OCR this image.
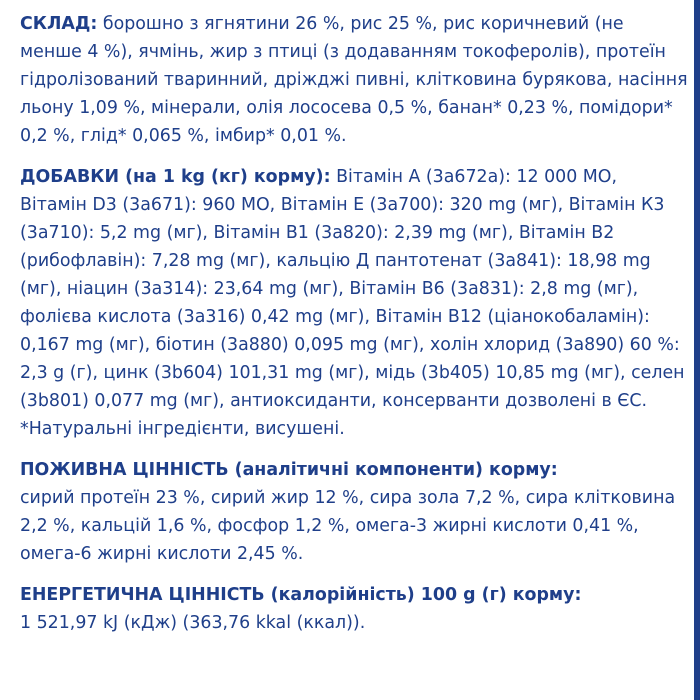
СКЛАД: борошно з ягнятини 26 %, рис 25 %, рис коричневий (не менше 4 %), ячмінь, жир з птиці (з додаванням токоферолів), протеїн гідролізований тваринний, дріжджі пивні, клітковина бурякова, насіння льону 1,09 %, мінерали, олія лососева 0,5 %, банан* 0,23 %, помідори* 0,2 %, глід* 0,065 %, імбир* 0,01 %.

ДОБАВКИ (на 1 kg (кг) корму): Вітамін А (3а672а): 12 000 МО, Вітамін D3 (3а671): 960 МО, Вітамін Е (3а700): 320 mg (мг), Вітамін К3 (3а710): 5,2 mg (мг), Вітамін В1 (3а820): 2,39 mg (мг), Вітамін В2 (рибофлавін): 7,28 mg (мг), кальцію Д пантотенат (3а841): 18,98 mg (мг), ніацин (3а314): 23,64 mg (мг), Вітамін В6 (3а831): 2,8 mg (мг), фолієва кислота (3а316) 0,42 mg (мг), Вітамін В12 (ціанокобаламін): 0,167 mg (мг), біотин (3а880) 0,095 mg (мг), холін хлорид (3а890) 60 %: 2,3 g (г), цинк (3b604) 101,31 mg (мг), мідь (3b405) 10,85 mg (мг), селен (3b801) 0,077 mg (мг), антиоксиданти, консерванти дозволені в ЄС.

*Натуральні інгредієнти, висушені.

ПОЖИВНА ЦІННІСТЬ (аналітичні компоненти) корму:

сирий протеїн 23 %, сирий жир 12 %, сира зола 7,2 %, сира клітковина 2,2 %, кальцій 1,6 %, фосфор 1,2 %, омега-3 жирні кислоти 0,41 %, омега-6 жирні кислоти 2,45 %.

ЕНЕРГЕТИЧНА ЦІННІСТЬ (калорійність) 100 g (г) корму:

1 521,97 kJ (кДж) (363,76 kkal (ккал)).
